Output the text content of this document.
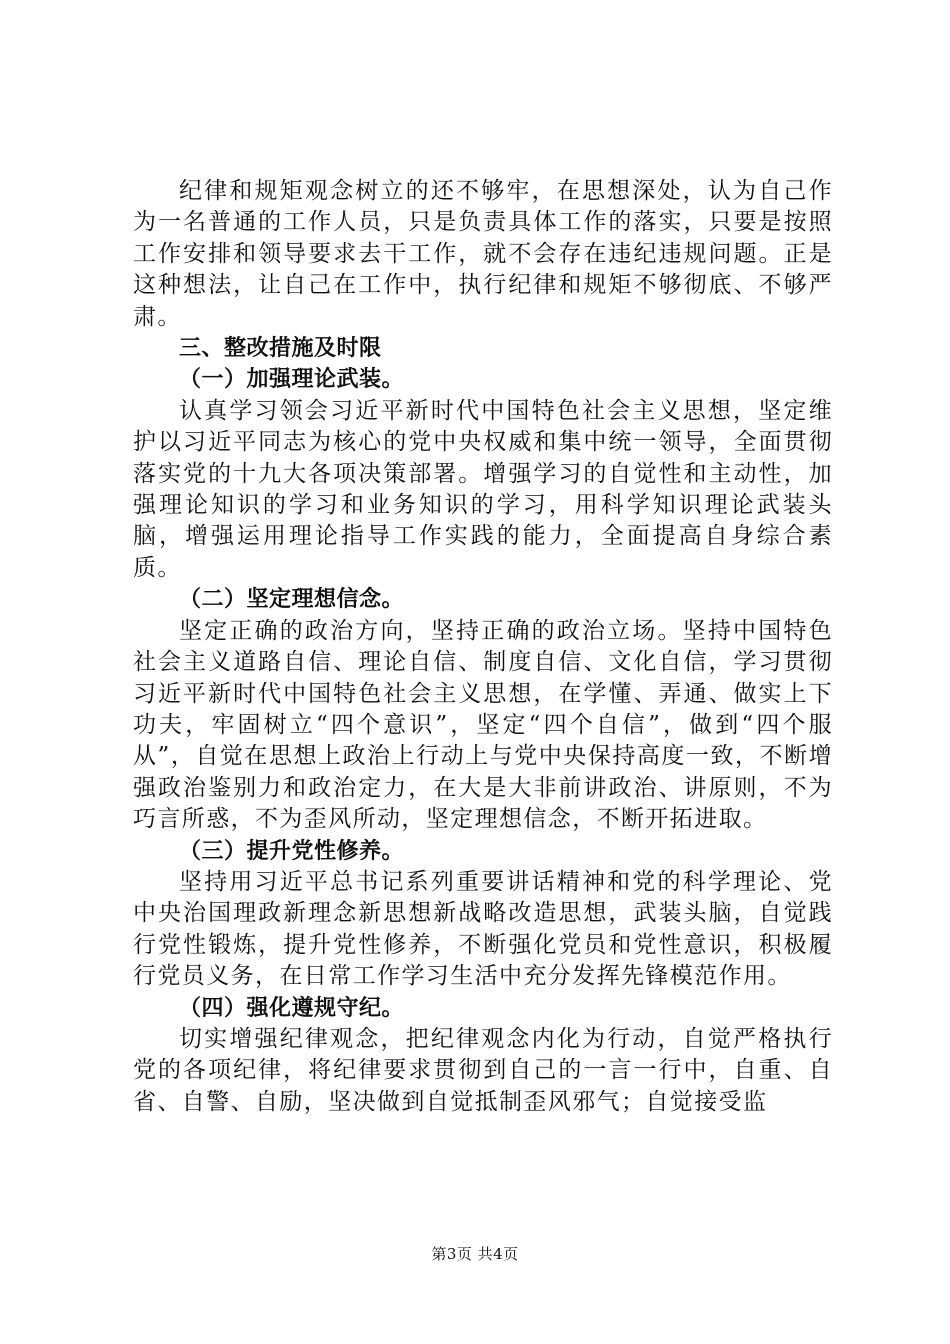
纪律和规矩观念树立的还不够牢，在思想深处，认为自己作为一名普通的工作人员，只是负责具体工作的落实，只要是按照工作安排和领导要求去干工作，就不会存在违纪违规问题。正是这种想法，让自己在工作中，执行纪律和规矩不够彻底、不够严肃。

三、整改措施及时限

（一）加强理论武装。

认真学习领会习近平新时代中国特色社会主义思想，坚定维护以习近平同志为核心的党中央权威和集中统一领导，全面贯彻落实党的十九大各项决策部署。增强学习的自觉性和主动性，加强理论知识的学习和业务知识的学习，用科学知识理论武装头脑，增强运用理论指导工作实践的能力，全面提高自身综合素质。

（二）坚定理想信念。

坚定正确的政治方向，坚持正确的政治立场。坚持中国特色社会主义道路自信、理论自信、制度自信、文化自信，学习贯彻习近平新时代中国特色社会主义思想，在学懂、弄通、做实上下功夫，牢固树立“四个意识”，坚定“四个自信”，做到“四个服从”，自觉在思想上政治上行动上与党中央保持高度一致，不断增强政治鉴别力和政治定力，在大是大非前讲政治、讲原则，不为巧言所惑，不为歪风所动，坚定理想信念，不断开拓进取。

（三）提升党性修养。

坚持用习近平总书记系列重要讲话精神和党的科学理论、党中央治国理政新理念新思想新战略改造思想，武装头脑，自觉践行党性锻炼，提升党性修养，不断强化党员和党性意识，积极履行党员义务，在日常工作学习生活中充分发挥先锋模范作用。

（四）强化遵规守纪。

切实增强纪律观念，把纪律观念内化为行动，自觉严格执行党的各项纪律，将纪律要求贯彻到自己的一言一行中，自重、自省、自警、自励，坚决做到自觉抵制歪风邪气；自觉接受监

第3页 共4页
